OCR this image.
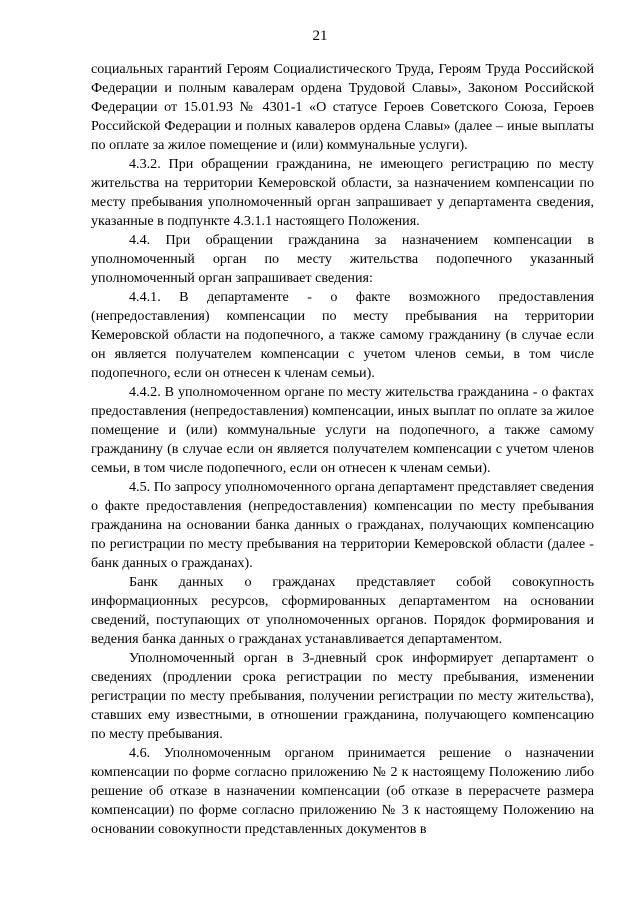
21

социальных гарантий Героям Социалистического Труда, Героям Труда Российской Федерации и полным кавалерам ордена Трудовой Славы», Законом Российской Федерации от 15.01.93 № 4301-1 «О статусе Героев Советского Союза, Героев Российской Федерации и полных кавалеров ордена Славы» (далее – иные выплаты по оплате за жилое помещение и (или) коммунальные услуги).

4.3.2. При обращении гражданина, не имеющего регистрацию по месту жительства на территории Кемеровской области, за назначением компенсации по месту пребывания уполномоченный орган запрашивает у департамента сведения, указанные в подпункте 4.3.1.1 настоящего Положения.

4.4. При обращении гражданина за назначением компенсации в уполномоченный орган по месту жительства подопечного указанный уполномоченный орган запрашивает сведения:

4.4.1. В департаменте - о факте возможного предоставления (непредоставления) компенсации по месту пребывания на территории Кемеровской области на подопечного, а также самому гражданину (в случае если он является получателем компенсации с учетом членов семьи, в том числе подопечного, если он отнесен к членам семьи).

4.4.2. В уполномоченном органе по месту жительства гражданина - о фактах предоставления (непредоставления) компенсации, иных выплат по оплате за жилое помещение и (или) коммунальные услуги на подопечного, а также самому гражданину (в случае если он является получателем компенсации с учетом членов семьи, в том числе подопечного, если он отнесен к членам семьи).

4.5. По запросу уполномоченного органа департамент представляет сведения о факте предоставления (непредоставления) компенсации по месту пребывания гражданина на основании банка данных о гражданах, получающих компенсацию по регистрации по месту пребывания на территории Кемеровской области (далее - банк данных о гражданах).

Банк данных о гражданах представляет собой совокупность информационных ресурсов, сформированных департаментом на основании сведений, поступающих от уполномоченных органов. Порядок формирования и ведения банка данных о гражданах устанавливается департаментом.

Уполномоченный орган в 3-дневный срок информирует департамент о сведениях (продлении срока регистрации по месту пребывания, изменении регистрации по месту пребывания, получении регистрации по месту жительства), ставших ему известными, в отношении гражданина, получающего компенсацию по месту пребывания.

4.6. Уполномоченным органом принимается решение о назначении компенсации по форме согласно приложению № 2 к настоящему Положению либо решение об отказе в назначении компенсации (об отказе в перерасчете размера компенсации) по форме согласно приложению № 3 к настоящему Положению на основании совокупности представленных документов в
